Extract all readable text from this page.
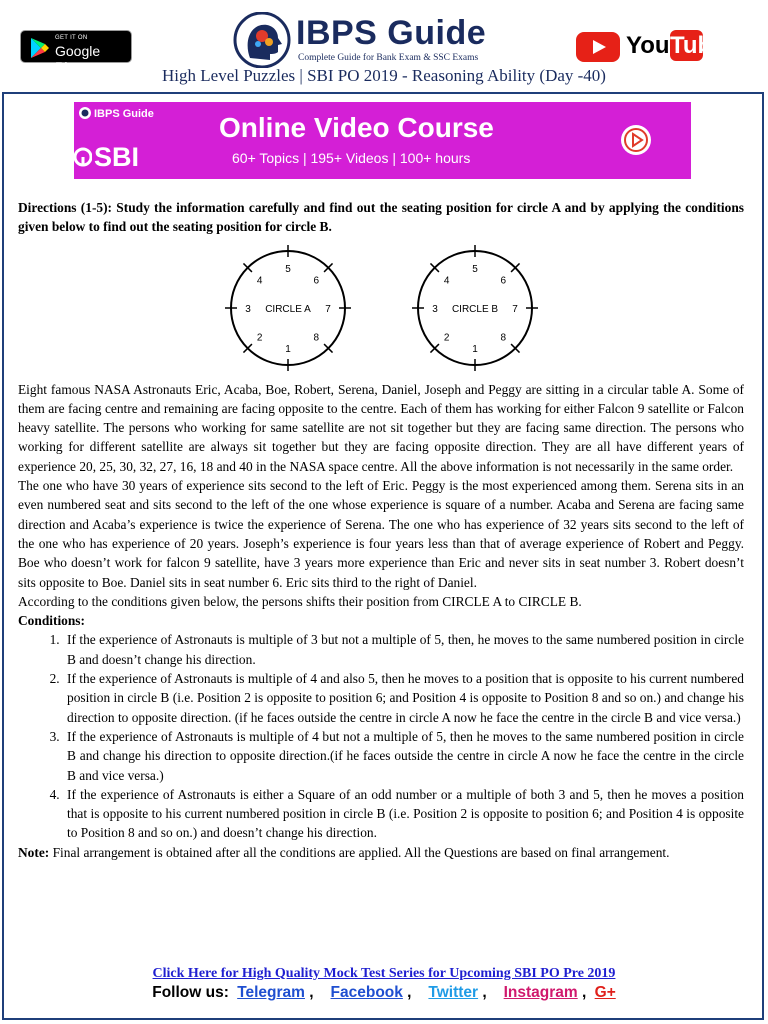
GET IT ON
Google Play
IBPS Guide
Complete Guide for Bank Exam & SSC Exams	You Tube
High Level Puzzles | SBI PO 2019 - Reasoning Ability (Day -40)
IBPS Guide
SBI
Online Video Course
60+ Topics | 195+ Videos | 100+ hours

Directions (1-5): Study the information carefully and find out the seating position for circle A and by applying the conditions given below to find out the seating position for circle B.

CIRCLE A
1
2
3
4
5
6
7
8
CIRCLE B
1
2
3
4
5
6
7
8

Eight famous NASA Astronauts Eric, Acaba, Boe, Robert, Serena, Daniel, Joseph and Peggy are sitting in a circular table A. Some of them are facing centre and remaining are facing opposite to the centre. Each of them has working for either Falcon 9 satellite or Falcon heavy satellite. The persons who working for same satellite are not sit together but they are facing same direction. The persons who working for different satellite are always sit together but they are facing opposite direction. They are all have different years of experience 20, 25, 30, 32, 27, 16, 18 and 40 in the NASA space centre. All the above information is not necessarily in the same order.

The one who have 30 years of experience sits second to the left of Eric. Peggy is the most experienced among them. Serena sits in an even numbered seat and sits second to the left of the one whose experience is square of a number. Acaba and Serena are facing same direction and Acaba’s experience is twice the experience of Serena. The one who has experience of 32 years sits second to the left of the one who has experience of 20 years. Joseph’s experience is four years less than that of average experience of Robert and Peggy. Boe who doesn’t work for falcon 9 satellite, have 3 years more experience than Eric and never sits in seat number 3. Robert doesn’t sits opposite to Boe. Daniel sits in seat number 6. Eric sits third to the right of Daniel.

According to the conditions given below, the persons shifts their position from CIRCLE A to CIRCLE B.

Conditions:

1. If the experience of Astronauts is multiple of 3 but not a multiple of 5, then, he moves to the same numbered position in circle B and doesn’t change his direction.
2. If the experience of Astronauts is multiple of 4 and also 5, then he moves to a position that is opposite to his current numbered position in circle B (i.e. Position 2 is opposite to position 6; and Position 4 is opposite to Position 8 and so on.) and change his direction to opposite direction. (if he faces outside the centre in circle A now he face the centre in the circle B and vice versa.)
3. If the experience of Astronauts is multiple of 4 but not a multiple of 5, then he moves to the same numbered position in circle B and change his direction to opposite direction.(if he faces outside the centre in circle A now he face the centre in the circle B and vice versa.)
4. If the experience of Astronauts is either a Square of an odd number or a multiple of both 3 and 5, then he moves a position that is opposite to his current numbered position in circle B (i.e. Position 2 is opposite to position 6; and Position 4 is opposite to Position 8 and so on.) and doesn’t change his direction.

Note: Final arrangement is obtained after all the conditions are applied. All the Questions are based on final arrangement.

Click Here for High Quality Mock Test Series for Upcoming SBI PO Pre 2019
Follow us: Telegram ,   Facebook ,   Twitter ,   Instagram , G+
